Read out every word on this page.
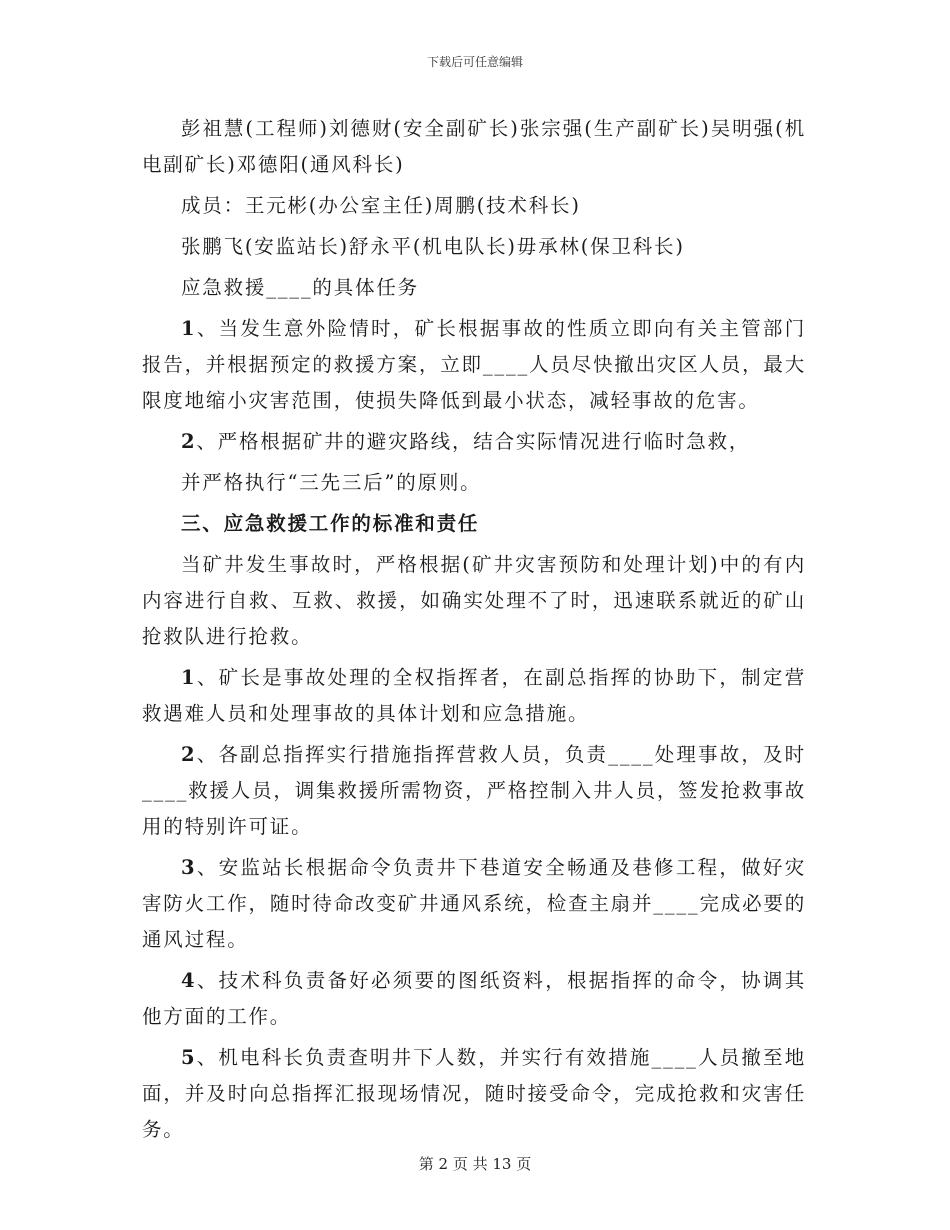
下载后可任意编辑

彭祖慧(工程师)刘德财(安全副矿长)张宗强(生产副矿长)吴明强(机电副矿长)邓德阳(通风科长)

成员：王元彬(办公室主任)周鹏(技术科长)

张鹏飞(安监站长)舒永平(机电队长)毋承林(保卫科长)

应急救援____的具体任务

1、当发生意外险情时，矿长根据事故的性质立即向有关主管部门报告，并根据预定的救援方案，立即____人员尽快撤出灾区人员，最大限度地缩小灾害范围，使损失降低到最小状态，减轻事故的危害。

2、严格根据矿井的避灾路线，结合实际情况进行临时急救，

并严格执行“三先三后”的原则。

三、应急救援工作的标准和责任

当矿井发生事故时，严格根据(矿井灾害预防和处理计划)中的有内内容进行自救、互救、救援，如确实处理不了时，迅速联系就近的矿山抢救队进行抢救。

1、矿长是事故处理的全权指挥者，在副总指挥的协助下，制定营救遇难人员和处理事故的具体计划和应急措施。

2、各副总指挥实行措施指挥营救人员，负责____处理事故，及时____救援人员，调集救援所需物资，严格控制入井人员，签发抢救事故用的特别许可证。

3、安监站长根据命令负责井下巷道安全畅通及巷修工程，做好灾害防火工作，随时待命改变矿井通风系统，检查主扇并____完成必要的通风过程。

4、技术科负责备好必须要的图纸资料，根据指挥的命令，协调其他方面的工作。

5、机电科长负责查明井下人数，并实行有效措施____人员撤至地面，并及时向总指挥汇报现场情况，随时接受命令，完成抢救和灾害任务。

第 2 页 共 13 页
